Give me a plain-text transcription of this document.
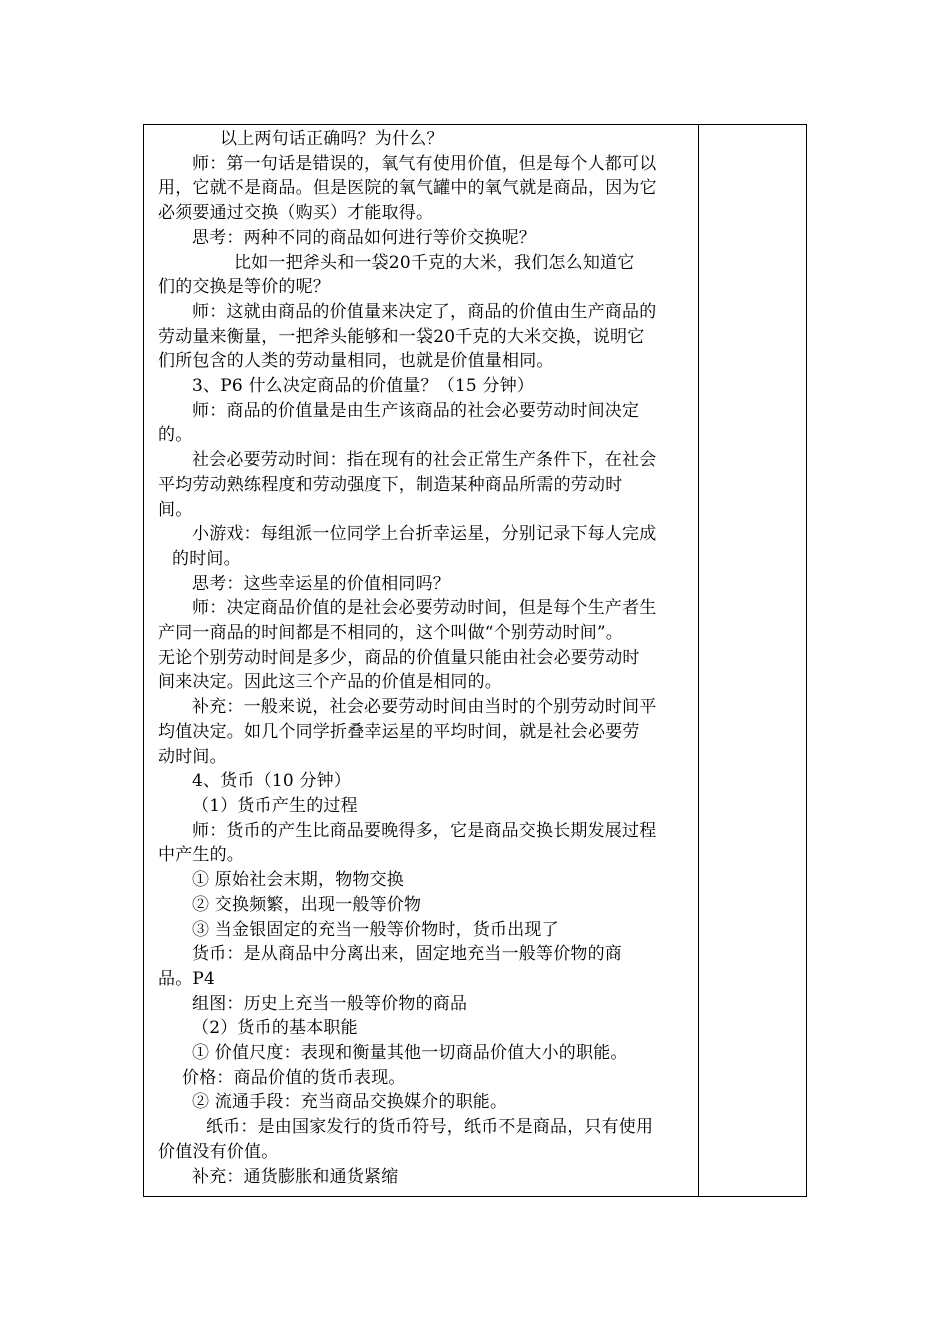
以上两句话正确吗？为什么？
师：第一句话是错误的，氧气有使用价值，但是每个人都可以
用，它就不是商品。但是医院的氧气罐中的氧气就是商品，因为它
必须要通过交换（购买）才能取得。
思考：两种不同的商品如何进行等价交换呢？
比如一把斧头和一袋20千克的大米，我们怎么知道它
们的交换是等价的呢？
师：这就由商品的价值量来决定了，商品的价值由生产商品的
劳动量来衡量，一把斧头能够和一袋20千克的大米交换，说明它
们所包含的人类的劳动量相同，也就是价值量相同。
3、P6 什么决定商品的价值量？（15 分钟）
师：商品的价值量是由生产该商品的社会必要劳动时间决定
的。
社会必要劳动时间：指在现有的社会正常生产条件下，在社会
平均劳动熟练程度和劳动强度下，制造某种商品所需的劳动时
间。
小游戏：每组派一位同学上台折幸运星，分别记录下每人完成
的时间。
思考：这些幸运星的价值相同吗？
师：决定商品价值的是社会必要劳动时间，但是每个生产者生
产同一商品的时间都是不相同的，这个叫做“个别劳动时间”。
无论个别劳动时间是多少，商品的价值量只能由社会必要劳动时
间来决定。因此这三个产品的价值是相同的。
补充：一般来说，社会必要劳动时间由当时的个别劳动时间平
均值决定。如几个同学折叠幸运星的平均时间，就是社会必要劳
动时间。
4、货币（10 分钟）
（1）货币产生的过程
师：货币的产生比商品要晚得多，它是商品交换长期发展过程
中产生的。
① 原始社会末期，物物交换
② 交换频繁，出现一般等价物
③ 当金银固定的充当一般等价物时，货币出现了
货币：是从商品中分离出来，固定地充当一般等价物的商
品。P4
组图：历史上充当一般等价物的商品
（2）货币的基本职能
① 价值尺度：表现和衡量其他一切商品价值大小的职能。
价格：商品价值的货币表现。
② 流通手段：充当商品交换媒介的职能。
纸币：是由国家发行的货币符号，纸币不是商品，只有使用
价值没有价值。
补充：通货膨胀和通货紧缩
